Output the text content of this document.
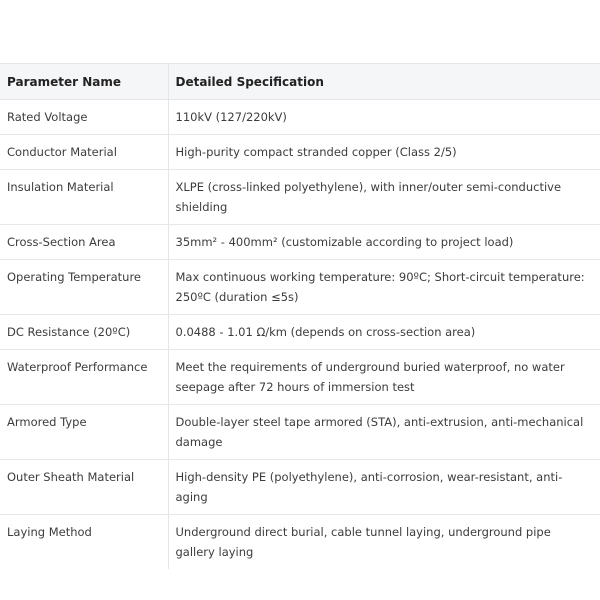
Parameter Name	Detailed Specification
Rated Voltage	110kV (127/220kV)
Conductor Material	High-purity compact stranded copper (Class 2/5)
Insulation Material	XLPE (cross-linked polyethylene), with inner/outer semi-conductive shielding
Cross-Section Area	35mm² - 400mm² (customizable according to project load)
Operating Temperature	Max continuous working temperature: 90ºC; Short-circuit temperature: 250ºC (duration ≤5s)
DC Resistance (20ºC)	0.0488 - 1.01 Ω/km (depends on cross-section area)
Waterproof Performance	Meet the requirements of underground buried waterproof, no water seepage after 72 hours of immersion test
Armored Type	Double-layer steel tape armored (STA), anti-extrusion, anti-mechanical damage
Outer Sheath Material	High-density PE (polyethylene), anti-corrosion, wear-resistant, anti-aging
Laying Method	Underground direct burial, cable tunnel laying, underground pipe gallery laying
